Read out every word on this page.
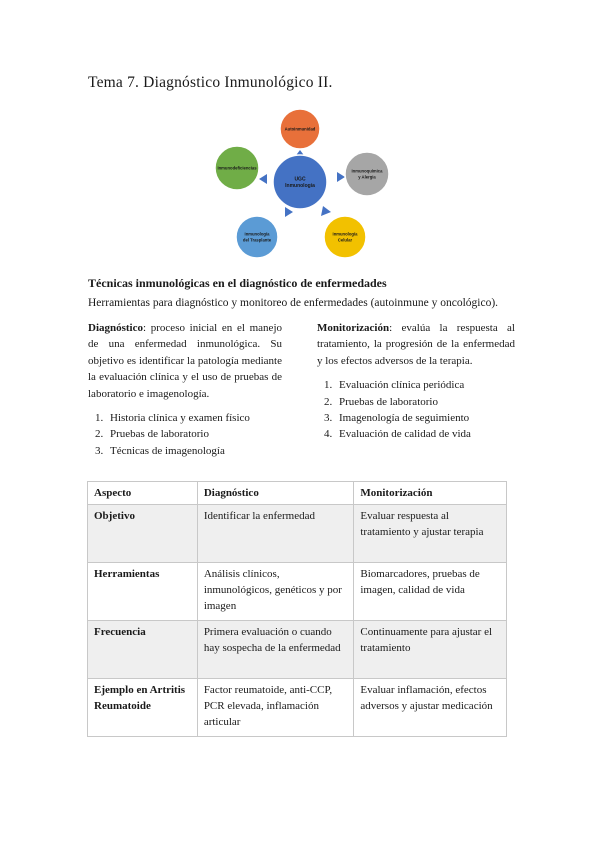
Tema 7. Diagnóstico Inmunológico II.
Autoinmunidad
Inmunoquímica y Alergia
Inmunología Celular
Inmunología del Trasplante
Inmunodeficiencias
UGC Inmunología
Técnicas inmunológicas en el diagnóstico de enfermedades

Herramientas para diagnóstico y monitoreo de enfermedades (autoinmune y oncológico).

Diagnóstico: proceso inicial en el manejo de una enfermedad inmunológica. Su objetivo es identificar la patología mediante la evaluación clínica y el uso de pruebas de laboratorio e imagenología.

1. Historia clínica y examen físico
2. Pruebas de laboratorio
3. Técnicas de imagenología

Monitorización: evalúa la respuesta al tratamiento, la progresión de la enfermedad y los efectos adversos de la terapia.

1. Evaluación clínica periódica
2. Pruebas de laboratorio
3. Imagenología de seguimiento
4. Evaluación de calidad de vida
Aspecto	Diagnóstico	Monitorización
Objetivo	Identificar la enfermedad	Evaluar respuesta al tratamiento y ajustar terapia
Herramientas	Análisis clínicos, inmunológicos, genéticos y por imagen	Biomarcadores, pruebas de imagen, calidad de vida
Frecuencia	Primera evaluación o cuando hay sospecha de la enfermedad	Continuamente para ajustar el tratamiento
Ejemplo en Artritis Reumatoide	Factor reumatoide, anti-CCP, PCR elevada, inflamación articular	Evaluar inflamación, efectos adversos y ajustar medicación
